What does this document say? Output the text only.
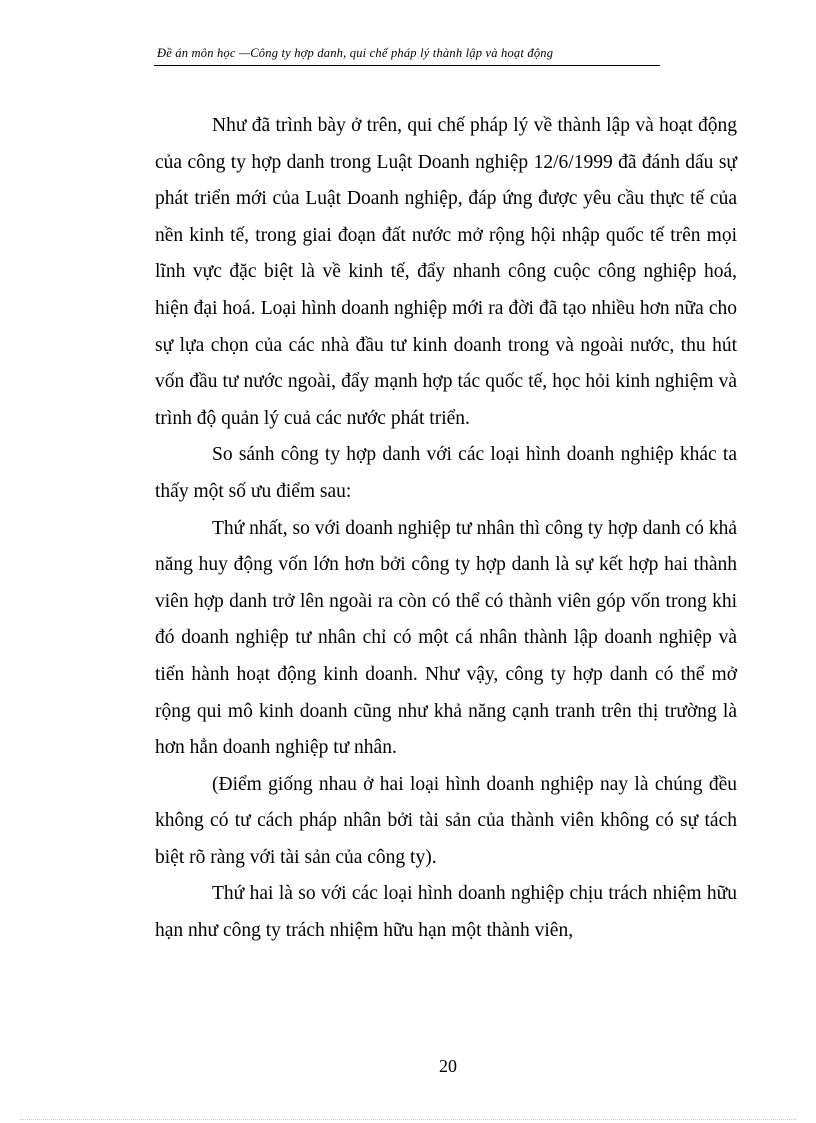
Đề án môn học —Công ty hợp danh, qui chế pháp lý thành lập và hoạt động

Như đã trình bày ở trên, qui chế pháp lý về thành lập và hoạt động của công ty hợp danh trong Luật Doanh nghiệp 12/6/1999 đã đánh dấu sự phát triển mới của Luật Doanh nghiệp, đáp ứng được yêu cầu thực tế của nền kinh tế, trong giai đoạn đất nước mở rộng hội nhập quốc tế trên mọi lĩnh vực đặc biệt là về kinh tế, đẩy nhanh công cuộc công nghiệp hoá, hiện đại hoá. Loại hình doanh nghiệp mới ra đời đã tạo nhiều hơn nữa cho sự lựa chọn của các nhà đầu tư kinh doanh trong và ngoài nước, thu hút vốn đầu tư nước ngoài, đẩy mạnh hợp tác quốc tế, học hỏi kinh nghiệm và trình độ quản lý cuả các nước phát triển.

So sánh công ty hợp danh với các loại hình doanh nghiệp khác ta thấy một số ưu điểm sau:

Thứ nhất, so với doanh nghiệp tư nhân thì công ty hợp danh có khả năng huy động vốn lớn hơn bởi công ty hợp danh là sự kết hợp hai thành viên hợp danh trở lên ngoài ra còn có thể có thành viên góp vốn trong khi đó doanh nghiệp tư nhân chỉ có một cá nhân thành lập doanh nghiệp và tiến hành hoạt động kinh doanh. Như vậy, công ty hợp danh có thể mở rộng qui mô kinh doanh cũng như khả năng cạnh tranh trên thị trường là hơn hẳn doanh nghiệp tư nhân.

(Điểm giống nhau ở hai loại hình doanh nghiệp nay là chúng đều không có tư cách pháp nhân bởi tài sản của thành viên không có sự tách biệt rõ ràng với tài sản của công ty).

Thứ hai là so với các loại hình doanh nghiệp chịu trách nhiệm hữu hạn như công ty trách nhiệm hữu hạn một thành viên,

20
